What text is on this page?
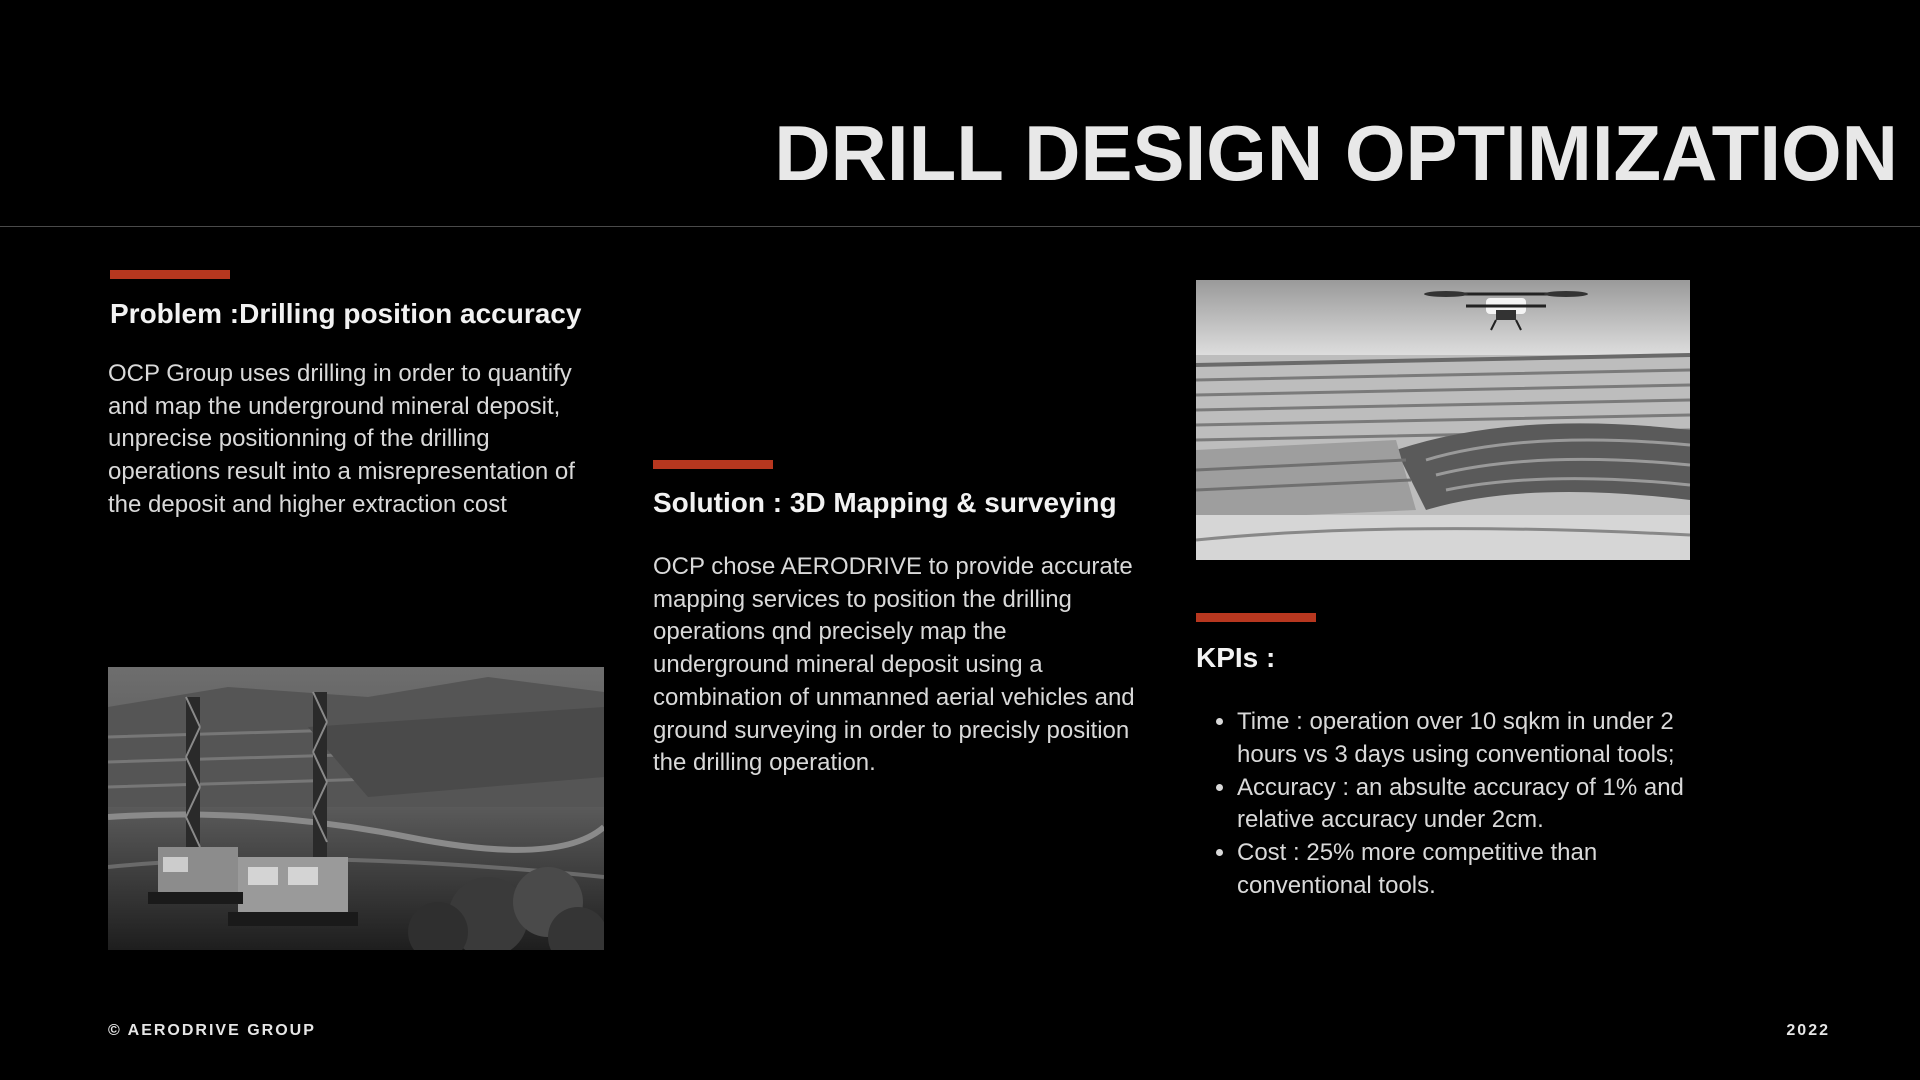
DRILL DESIGN OPTIMIZATION
Problem :Drilling position accuracy

OCP Group uses drilling in order to quantify and map the underground mineral deposit, unprecise positionning of the drilling operations result into a misrepresentation of the deposit and higher extraction cost	Solution : 3D Mapping & surveying

OCP chose AERODRIVE to provide accurate mapping services to position the drilling operations qnd precisely map the underground mineral deposit using a combination of unmanned aerial vehicles and ground surveying in order to precisly position the drilling operation.

KPIs :
• Time : operation over 10 sqkm in under 2 hours vs 3 days using conventional tools;
• Accuracy : an absulte accuracy of 1% and relative accuracy under 2cm.
• Cost : 25% more competitive than conventional tools.
© AERODRIVE GROUP	2022
